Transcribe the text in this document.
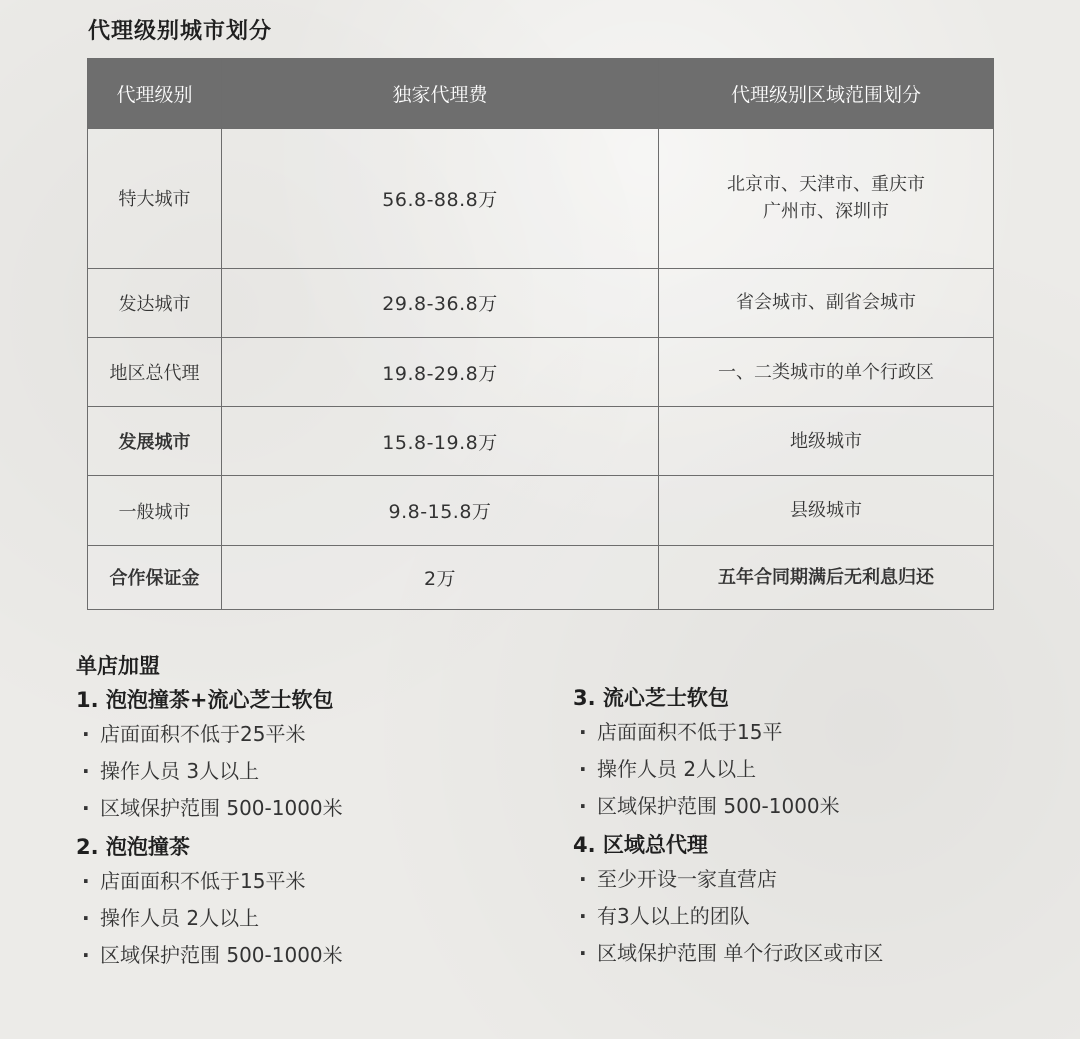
代理级别城市划分
代理级别	独家代理费	代理级别区域范围划分
特大城市	56.8-88.8万	北京市、天津市、重庆市
广州市、深圳市

发达城市	29.8-36.8万	省会城市、副省会城市

地区总代理	19.8-29.8万	一、二类城市的单个行政区

发展城市	15.8-19.8万	地级城市

一般城市	9.8-15.8万	县级城市

合作保证金	2万	五年合同期满后无利息归还
单店加盟
1. 泡泡撞茶+流心芝士软包
· 店面面积不低于25平米
· 操作人员 3人以上
· 区域保护范围 500-1000米
2. 泡泡撞茶
· 店面面积不低于15平米
· 操作人员 2人以上
· 区域保护范围 500-1000米
3. 流心芝士软包
· 店面面积不低于15平
· 操作人员 2人以上
· 区域保护范围 500-1000米
4. 区域总代理
· 至少开设一家直营店
· 有3人以上的团队
· 区域保护范围 单个行政区或市区
